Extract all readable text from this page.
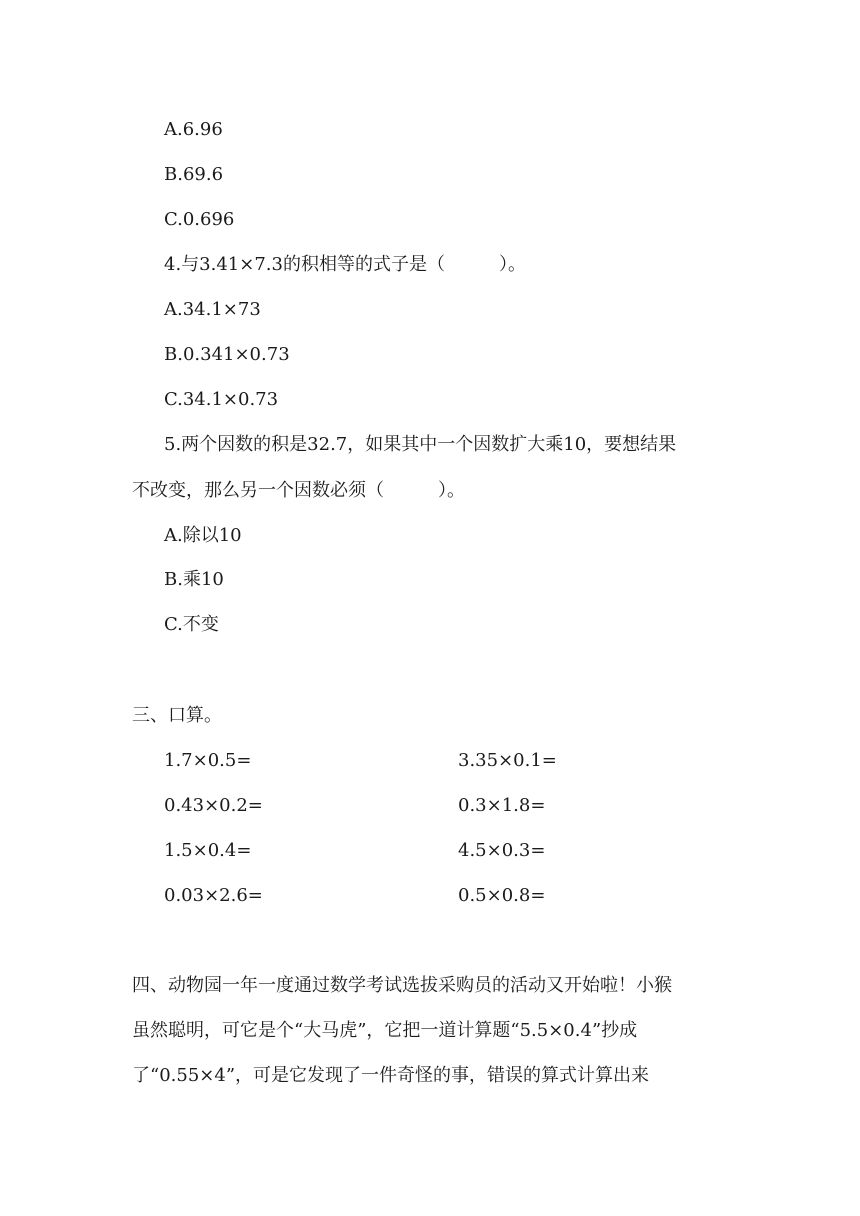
A.6.96
B.69.6
C.0.696
4.与3.41×7.3的积相等的式子是（　　　）。
A.34.1×73
B.0.341×0.73
C.34.1×0.73
5.两个因数的积是32.7，如果其中一个因数扩大乘10，要想结果
不改变，那么另一个因数必须（　　　）。
A.除以10
B.乘10
C.不变
三、口算。
1.7×0.5=	3.35×0.1=
0.43×0.2=	0.3×1.8=
1.5×0.4=	4.5×0.3=
0.03×2.6=	0.5×0.8=
四、动物园一年一度通过数学考试选拔采购员的活动又开始啦！小猴
虽然聪明，可它是个“大马虎”，它把一道计算题“5.5×0.4”抄成
了“0.55×4”，可是它发现了一件奇怪的事，错误的算式计算出来
